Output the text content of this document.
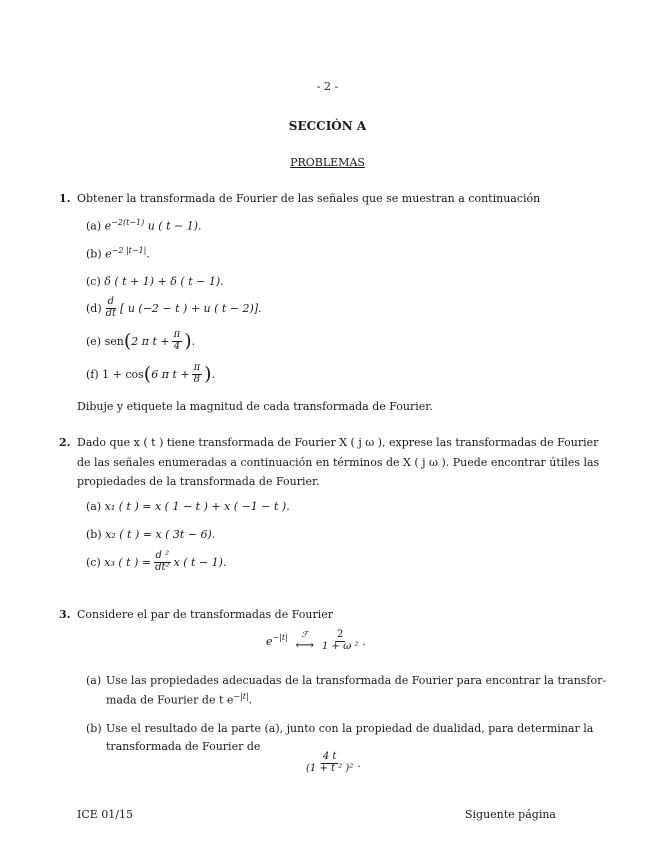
- 2 -
SECCIÓN A
PROBLEMAS
1. Obtener la transformada de Fourier de las señales que se muestran a continuación
(a) $e^{-2(t-1)}$ u ( t − 1).
(b) $e^{-2 |t-1|}$.
(c) δ ( t + 1) + δ ( t − 1).
$(d) \frac{d}{dt}$ [ u (−2 − t ) + u ( t − 2)].
(e)
sen ( 2 π $t + \frac{\pi}{4}$ ) .
(f)
1 + cos ( 6 π $t + \frac{\pi}{8}$ ) .
Dibuje y etiquete la magnitud de cada transformada de Fourier.
2. Dado que x ( t ) tiene transformada de Fourier X ( j ω ), exprese las transformadas de Fourier
de las señales enumeradas a continuación en términos de X ( j ω ). Puede encontrar útiles las
propiedades de la transformada de Fourier.
(a) x₁ ( t ) = x ( 1 − t ) + x ( −1 − t ).
(b) x₂ ( t ) = x ( 3t − 6).
(c)
x₃ ( t ) = $\frac{\text{d ²}}{\text{dt²}}$ x ( t − 1).
3. Considere el par de transformadas de Fourier
$e^{-|t|}$
ℱ
⟷ $\frac{2}{\text{1 + ω ²}}$ .
(a) Use las propiedades adecuadas de la transformada de Fourier para encontrar la transfor-
mada de Fourier de t $e^{-|t|}$.
(b) Use el resultado de la parte (a), junto con la propiedad de dualidad, para determinar la
transformada de Fourier de
$\frac{4 t}{\text{(1 + t ² )²}}$ .
ICE 01/15	Siguente página
